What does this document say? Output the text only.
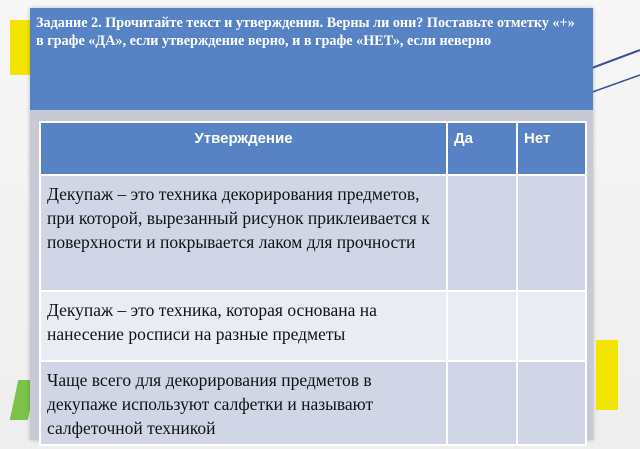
Задание 2. Прочитайте текст и утверждения. Верны ли они? Поставьте отметку «+» в графе «ДА», если утверждение верно, и в графе «НЕТ», если неверно
Утверждение	Да	Нет
Декупаж – это техника декорирования предметов, при которой, вырезанный рисунок приклеивается к поверхности и покрывается лаком для прочности		
Декупаж – это техника, которая основана на нанесение росписи на разные предметы		
Чаще всего для декорирования предметов в декупаже используют салфетки и называют салфеточной техникой		
